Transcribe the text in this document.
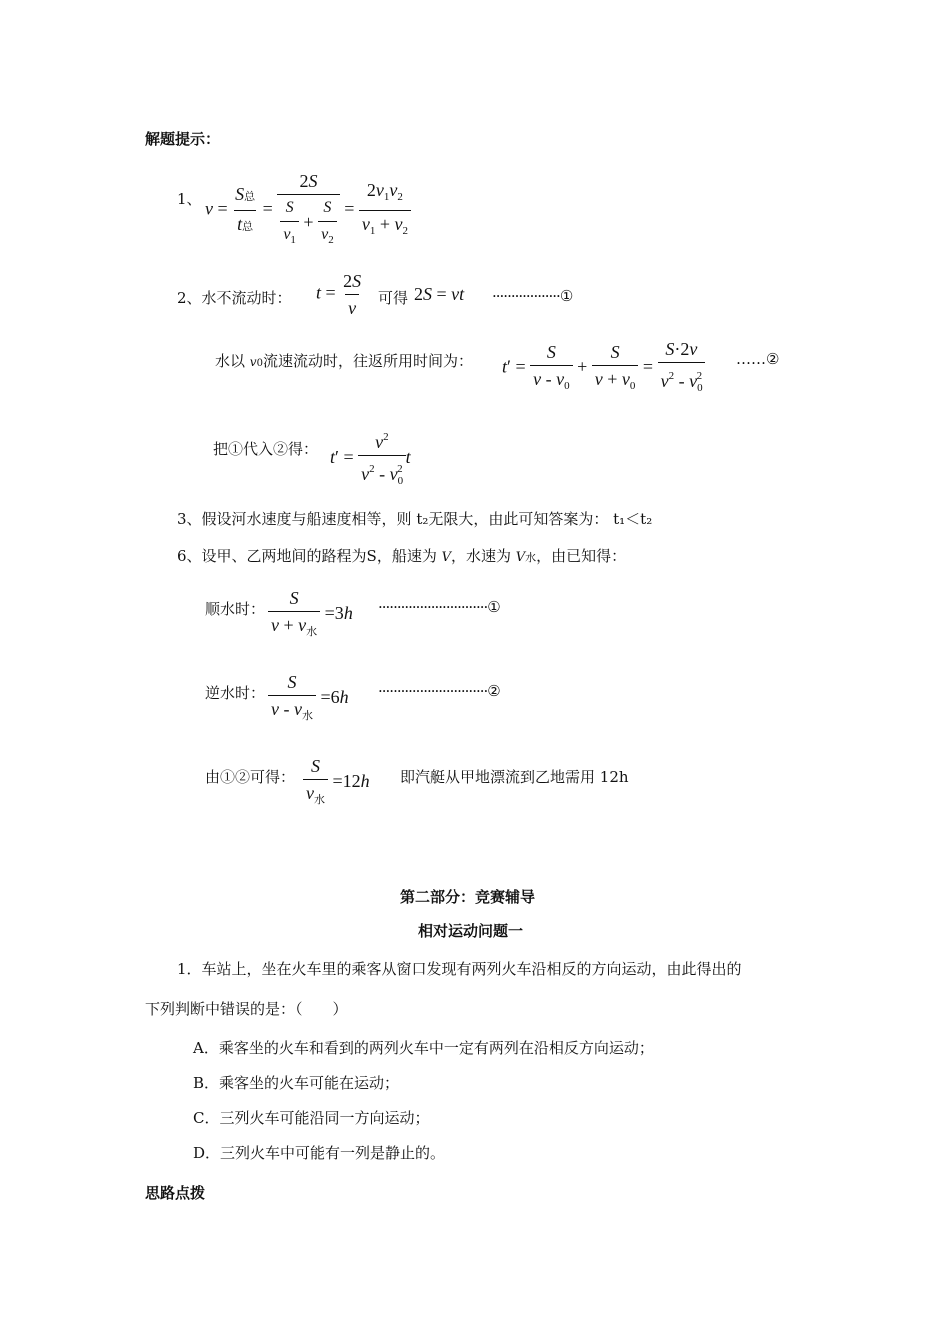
解题提示：
1、 v =
S总
t总
= $\frac{2S}{\frac{S}{v_1} + \frac{S}{v_2}} = \frac{2v_1v_2}{v_1 + v_2}$
2、水不流动时： $t = \frac{2S}{v}$ 可得 2S = vt ··················①
水以 v0流速流动时，往返所用时间为： $t' = \frac{S}{v - v_0} + \frac{S}{v + v_0} = \frac{S\cdot 2v}{v^2 - v_0^2}$ ……②
把①代入②得： $t' = \frac{v^2}{v^2 - v_0^2}$ t
3、假设河水速度与船速度相等，则 t₂无限大，由此可知答案为： t₁＜t₂
6、设甲、乙两地间的路程为S，船速为 V，水速为 V水，由已知得：
顺水时：
S
$v + v_水$
=3h ·····························①
逆水时：
S
v - $v_水$
=6h ·····························②
由①②可得：
S
$v_水$
=12h 即汽艇从甲地漂流到乙地需用 12h
第二部分：竞赛辅导
相对运动问题一
1．车站上，坐在火车里的乘客从窗口发现有两列火车沿相反的方向运动，由此得出的
下列判断中错误的是：（　　）
A．乘客坐的火车和看到的两列火车中一定有两列在沿相反方向运动；
B．乘客坐的火车可能在运动；
C．三列火车可能沿同一方向运动；
D．三列火车中可能有一列是静止的。
思路点拨
